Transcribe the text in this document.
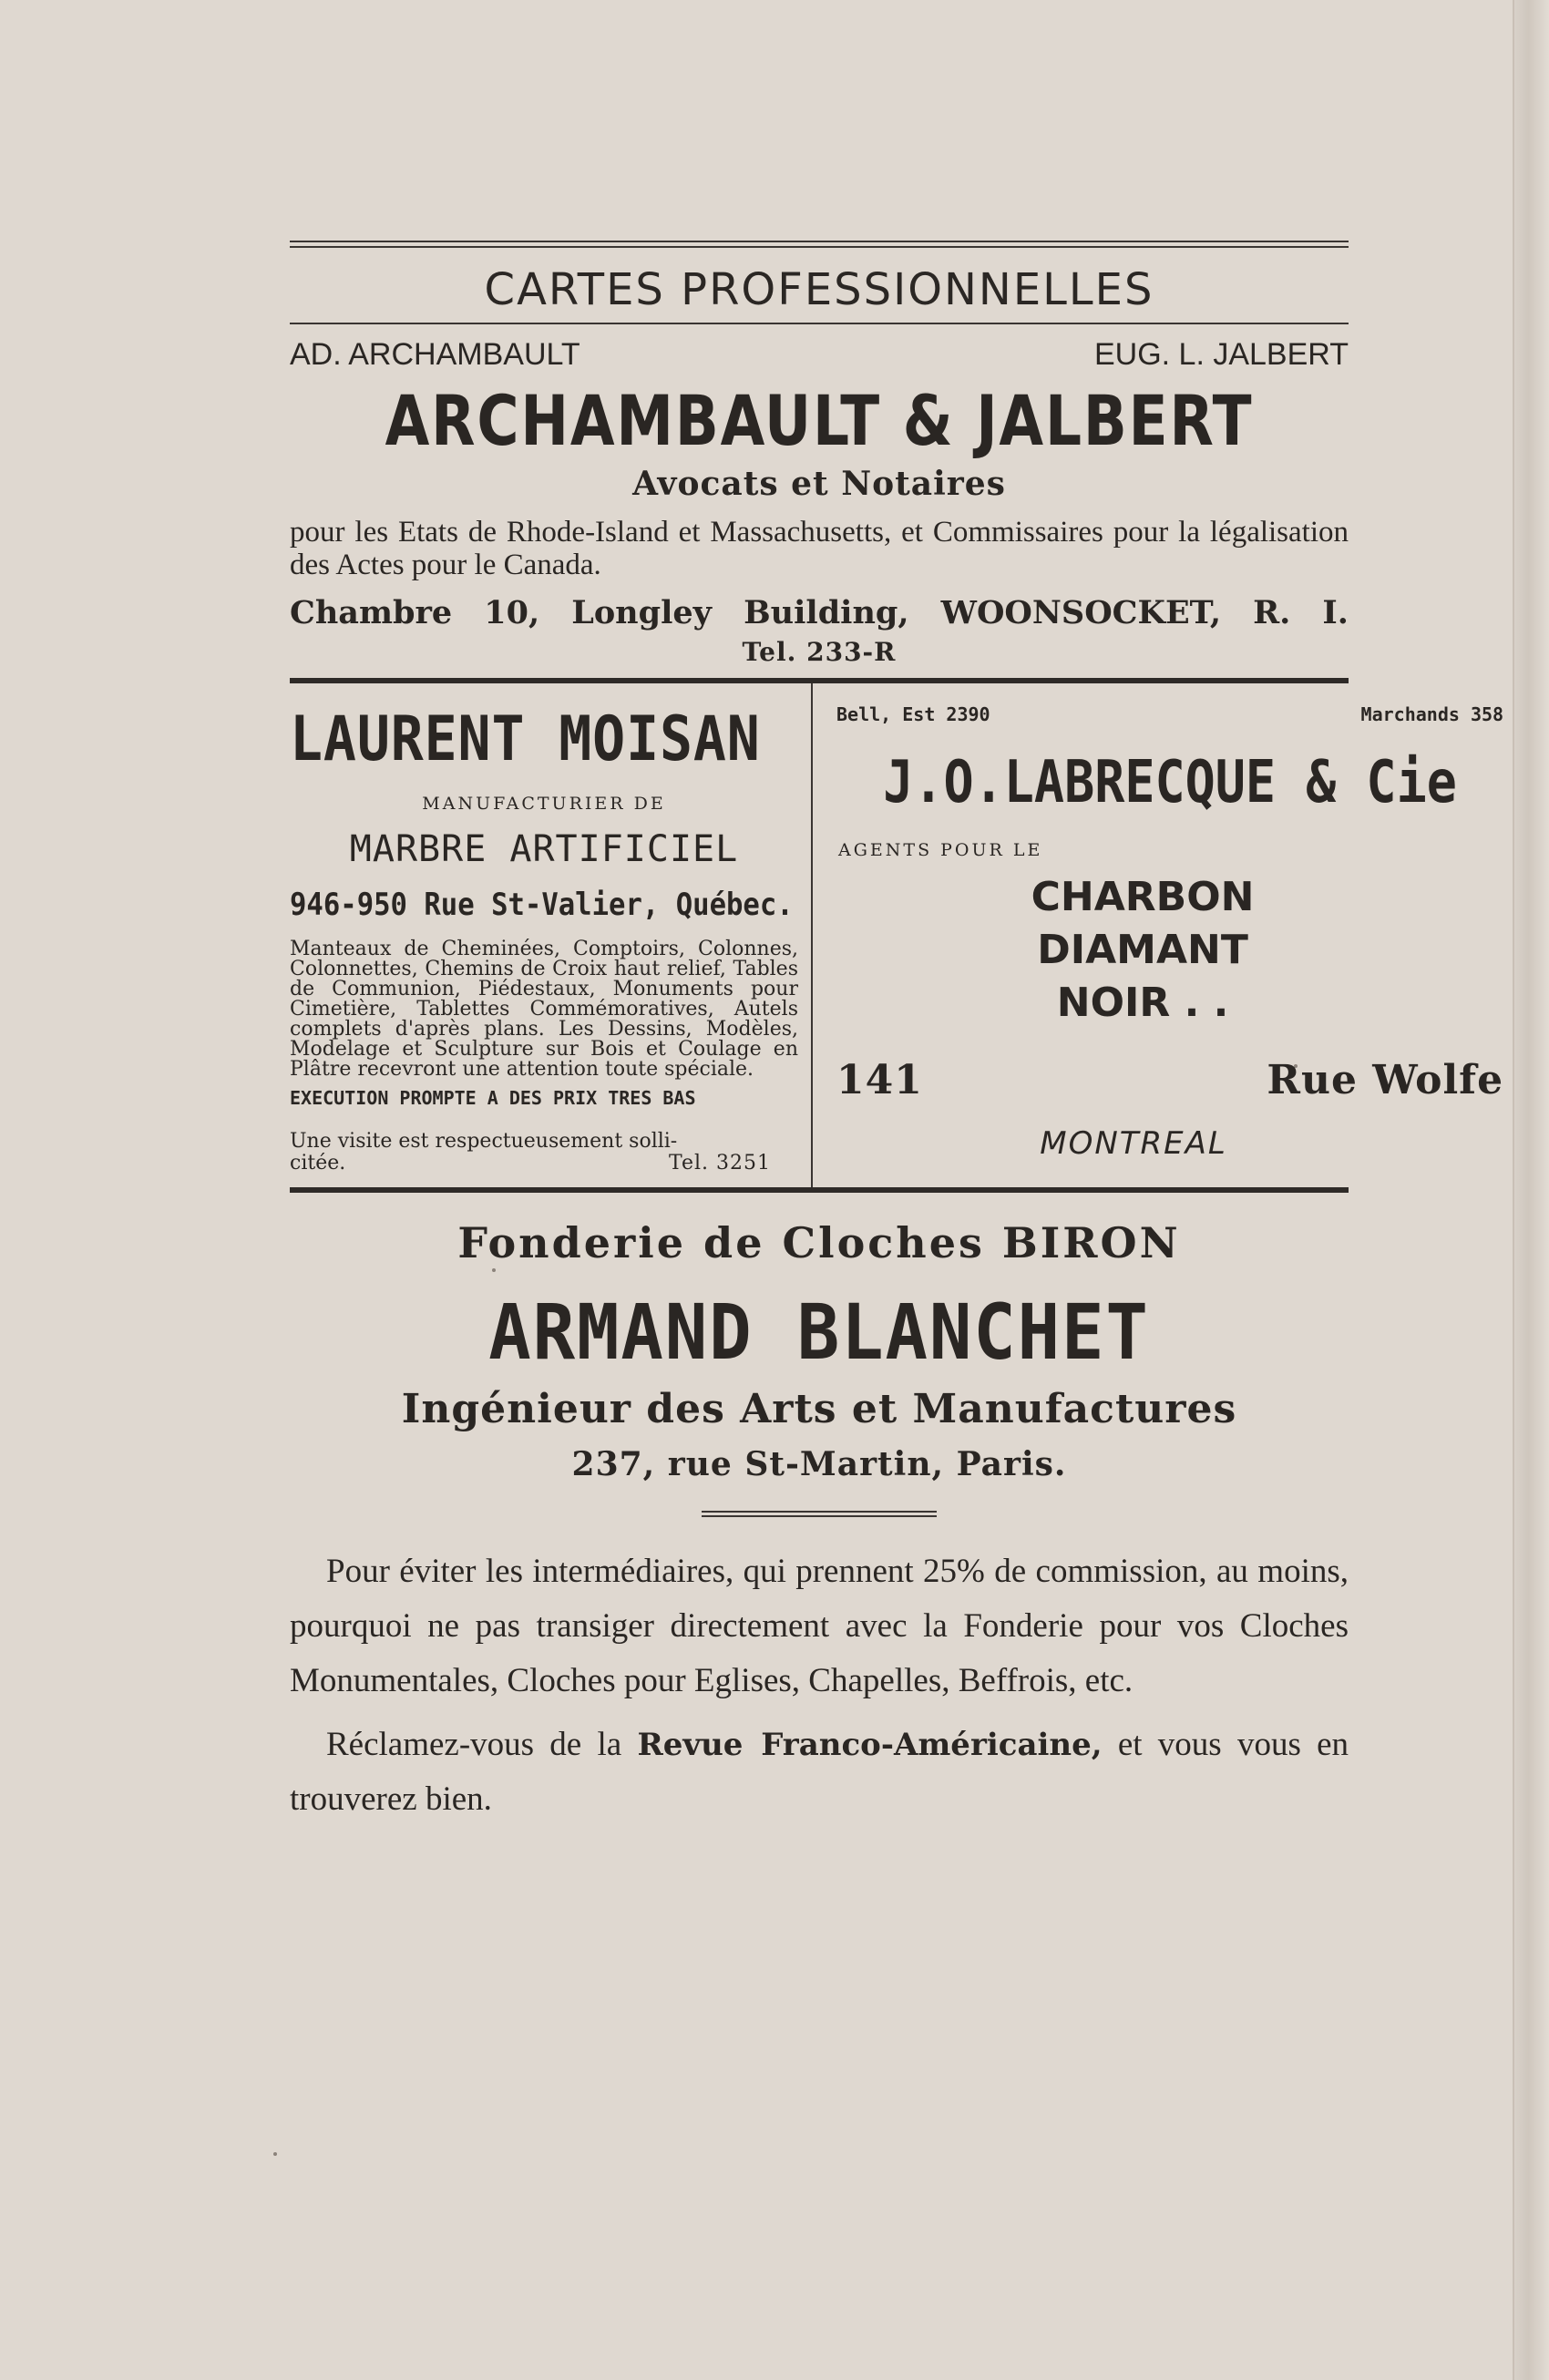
CARTES PROFESSIONNELLES
AD. ARCHAMBAULT	EUG. L. JALBERT
ARCHAMBAULT & JALBERT
Avocats et Notaires
pour les Etats de Rhode-Island et Massachusetts, et Commissaires pour la légalisation des Actes pour le Canada.
Chambre 10, Longley Building, WOONSOCKET, R. I.
Tel. 233-R
LAURENT MOISAN
MANUFACTURIER DE
MARBRE ARTIFICIEL
946-950 Rue St-Valier, Québec.
Manteaux de Cheminées, Comptoirs, Colonnes, Colonnettes, Chemins de Croix haut relief, Tables de Communion, Piédestaux, Monuments pour Cimetière, Tablettes Commémoratives, Autels complets d'après plans. Les Dessins, Modèles, Modelage et Sculpture sur Bois et Coulage en Plâtre recevront une attention toute spéciale.
EXECUTION PROMPTE A DES PRIX TRES BAS
Une visite est respectueusement solli-
citée.	Tel. 3251
Bell, Est 2390	Marchands 358
J.O.LABRECQUE & Cie
AGENTS POUR LE
CHARBON
DIAMANT
NOIR . .
141	Rue Wolfe
MONTREAL
Fonderie de Cloches BIRON
ARMAND BLANCHET
Ingénieur des Arts et Manufactures
237, rue St-Martin, Paris.
Pour éviter les intermédiaires, qui prennent 25% de commission, au moins, pourquoi ne pas transiger directement avec la Fonderie pour vos Cloches Monumentales, Cloches pour Eglises, Chapelles, Beffrois, etc.
Réclamez-vous de la Revue Franco-Américaine, et vous vous en trouverez bien.
